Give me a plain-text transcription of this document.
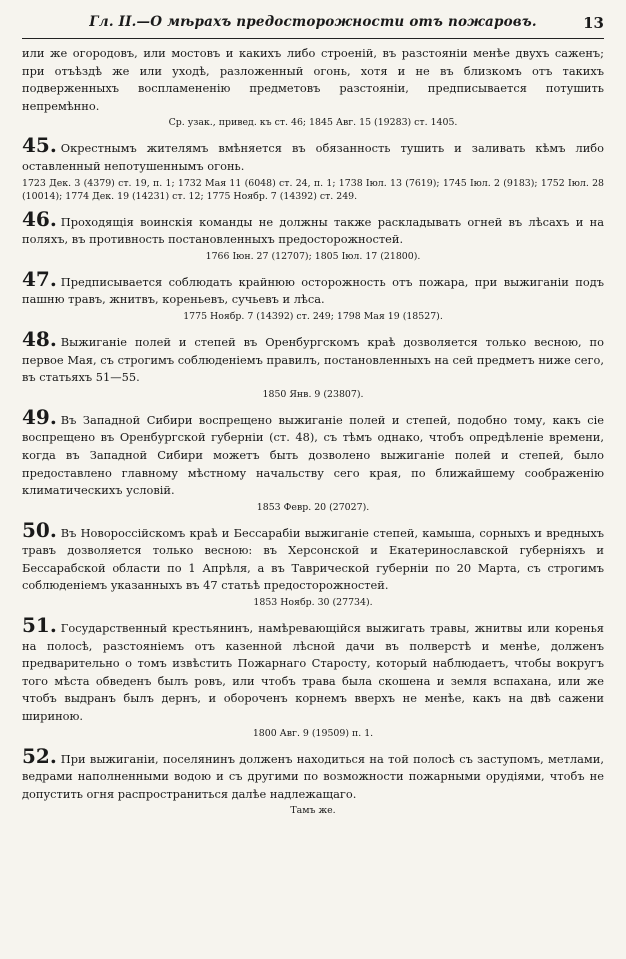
Гл. II.—О мѣрахъ предосторожности отъ пожаровъ.	13

или же огородовъ, или мостовъ и какихъ либо строеній, въ разстояніи менѣе двухъ саженъ; при отъѣздѣ же или уходѣ, разложенный огонь, хотя и не въ близкомъ отъ такихъ подверженныхъ воспламененію предметовъ разстояніи, предписывается потушить непремѣнно.

Ср. узак., привед. къ ст. 46; 1845 Авг. 15 (19283) ст. 1405.

45. Окрестнымъ жителямъ вмѣняется въ обязанность тушить и заливать кѣмъ либо оставленный непотушеннымъ огонь.

1723 Дек. 3 (4379) ст. 19, п. 1; 1732 Мая 11 (6048) ст. 24, п. 1; 1738 Іюл. 13 (7619); 1745 Іюл. 2 (9183); 1752 Іюл. 28 (10014); 1774 Дек. 19 (14231) ст. 12; 1775 Ноябр. 7 (14392) ст. 249.

46. Проходящія воинскія команды не должны также раскладывать огней въ лѣсахъ и на поляхъ, въ противность постановленныхъ предосторожностей.

1766 Іюн. 27 (12707); 1805 Іюл. 17 (21800).

47. Предписывается соблюдать крайнюю осторожность отъ пожара, при выжиганіи подъ пашню травъ, жнитвъ, кореньевъ, сучьевъ и лѣса.

1775 Ноябр. 7 (14392) ст. 249; 1798 Мая 19 (18527).

48. Выжиганіе полей и степей въ Оренбургскомъ краѣ дозволяется только весною, по первое Мая, съ строгимъ соблюденіемъ правилъ, постановленныхъ на сей предметъ ниже сего, въ статьяхъ 51—55.

1850 Янв. 9 (23807).

49. Въ Западной Сибири воспрещено выжиганіе полей и степей, подобно тому, какъ сіе воспрещено въ Оренбургской губерніи (ст. 48), съ тѣмъ однако, чтобъ опредѣленіе времени, когда въ Западной Сибири можетъ быть дозволено выжиганіе полей и степей, было предоставлено главному мѣстному начальству сего края, по ближайшему соображенію климатическихъ условій.

1853 Февр. 20 (27027).

50. Въ Новороссійскомъ краѣ и Бессарабіи выжиганіе степей, камыша, сорныхъ и вредныхъ травъ дозволяется только весною: въ Херсонской и Екатеринославской губерніяхъ и Бессарабской области по 1 Апрѣля, а въ Таврической губерніи по 20 Марта, съ строгимъ соблюденіемъ указанныхъ въ 47 статьѣ предосторожностей.

1853 Ноябр. 30 (27734).

51. Государственный крестьянинъ, намѣревающійся выжигать травы, жнитвы или коренья на полосѣ, разстояніемъ отъ казенной лѣсной дачи въ полверстѣ и менѣе, долженъ предварительно о томъ извѣстить Пожарнаго Старосту, который наблюдаетъ, чтобы вокругъ того мѣста обведенъ былъ ровъ, или чтобъ трава была скошена и земля вспахана, или же чтобъ выдранъ былъ дернъ, и обороченъ корнемъ вверхъ не менѣе, какъ на двѣ сажени шириною.

1800 Авг. 9 (19509) п. 1.

52. При выжиганіи, поселянинъ долженъ находиться на той полосѣ съ заступомъ, метлами, ведрами наполненными водою и съ другими по возможности пожарными орудіями, чтобъ не допустить огня распространиться далѣе надлежащаго.

Тамъ же.
